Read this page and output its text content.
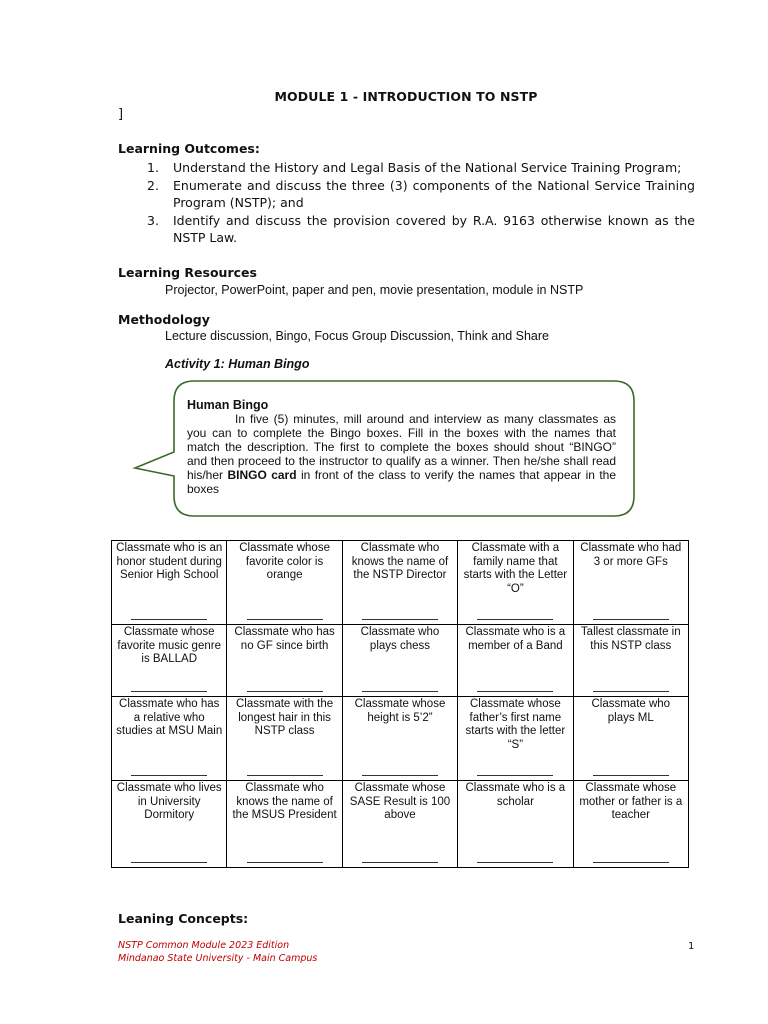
MODULE 1 - INTRODUCTION TO NSTP
]
Learning Outcomes:
1.	Understand the History and Legal Basis of the National Service Training Program;
2.	Enumerate and discuss the three (3) components of the National Service Training Program (NSTP); and
3.	Identify and discuss the provision covered by R.A. 9163 otherwise known as the NSTP Law.
Learning Resources
Projector, PowerPoint, paper and pen, movie presentation, module in NSTP
Methodology
Lecture discussion, Bingo, Focus Group Discussion, Think and Share
Activity 1: Human Bingo
Human Bingo
In five (5) minutes, mill around and interview as many classmates as you can to complete the Bingo boxes. Fill in the boxes with the names that match the description. The first to complete the boxes should shout “BINGO” and then proceed to the instructor to qualify as a winner. Then he/she shall read his/her BINGO card in front of the class to verify the names that appear in the boxes
Classmate who is an honor student during Senior High School	Classmate whose favorite color is orange	Classmate who knows the name of the NSTP Director	Classmate with a family name that starts with the Letter “O”	Classmate who had 3 or more GFs

Classmate whose favorite music genre is BALLAD	Classmate who has no GF since birth	Classmate who plays chess	Classmate who is a member of a Band	Tallest classmate in this NSTP class

Classmate who has a relative who studies at MSU Main	Classmate with the longest hair in this NSTP class	Classmate whose height is 5’2”	Classmate whose father’s first name starts with the letter “S”	Classmate who plays ML

Classmate who lives in University Dormitory	Classmate who knows the name of the MSUS President	Classmate whose SASE Result is 100 above	Classmate who is a scholar	Classmate whose mother or father is a teacher
Leaning Concepts:
NSTP Common Module 2023 Edition
Mindanao State University - Main Campus
1
